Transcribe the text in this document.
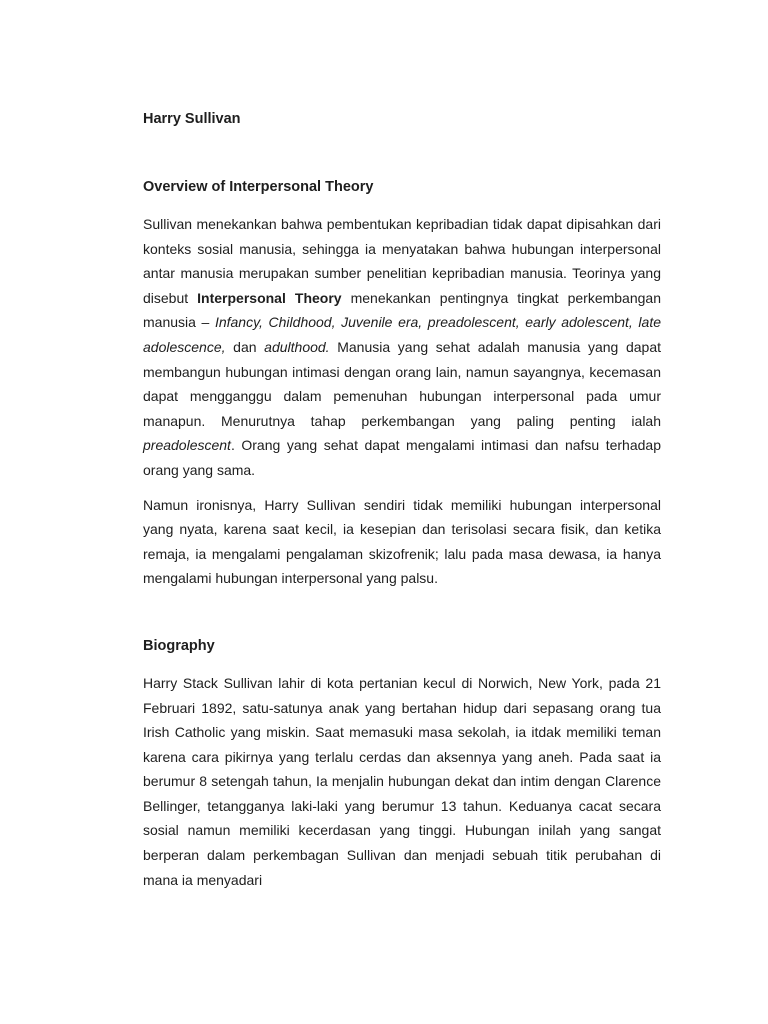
Harry Sullivan
Overview of Interpersonal Theory

Sullivan menekankan bahwa pembentukan kepribadian tidak dapat dipisahkan dari konteks sosial manusia, sehingga ia menyatakan bahwa hubungan interpersonal antar manusia merupakan sumber penelitian kepribadian manusia. Teorinya yang disebut Interpersonal Theory menekankan pentingnya tingkat perkembangan manusia – Infancy, Childhood, Juvenile era, preadolescent, early adolescent, late adolescence, dan adulthood. Manusia yang sehat adalah manusia yang dapat membangun hubungan intimasi dengan orang lain, namun sayangnya, kecemasan dapat mengganggu dalam pemenuhan hubungan interpersonal pada umur manapun. Menurutnya tahap perkembangan yang paling penting ialah preadolescent. Orang yang sehat dapat mengalami intimasi dan nafsu terhadap orang yang sama.

Namun ironisnya, Harry Sullivan sendiri tidak memiliki hubungan interpersonal yang nyata, karena saat kecil, ia kesepian dan terisolasi secara fisik, dan ketika remaja, ia mengalami pengalaman skizofrenik; lalu pada masa dewasa, ia hanya mengalami hubungan interpersonal yang palsu.

Biography

Harry Stack Sullivan lahir di kota pertanian kecul di Norwich, New York, pada 21 Februari 1892, satu-satunya anak yang bertahan hidup dari sepasang orang tua Irish Catholic yang miskin. Saat memasuki masa sekolah, ia itdak memiliki teman karena cara pikirnya yang terlalu cerdas dan aksennya yang aneh. Pada saat ia berumur 8 setengah tahun, Ia menjalin hubungan dekat dan intim dengan Clarence Bellinger, tetangganya laki-laki yang berumur 13 tahun. Keduanya cacat secara sosial namun memiliki kecerdasan yang tinggi. Hubungan inilah yang sangat berperan dalam perkembagan Sullivan dan menjadi sebuah titik perubahan di mana ia menyadari
